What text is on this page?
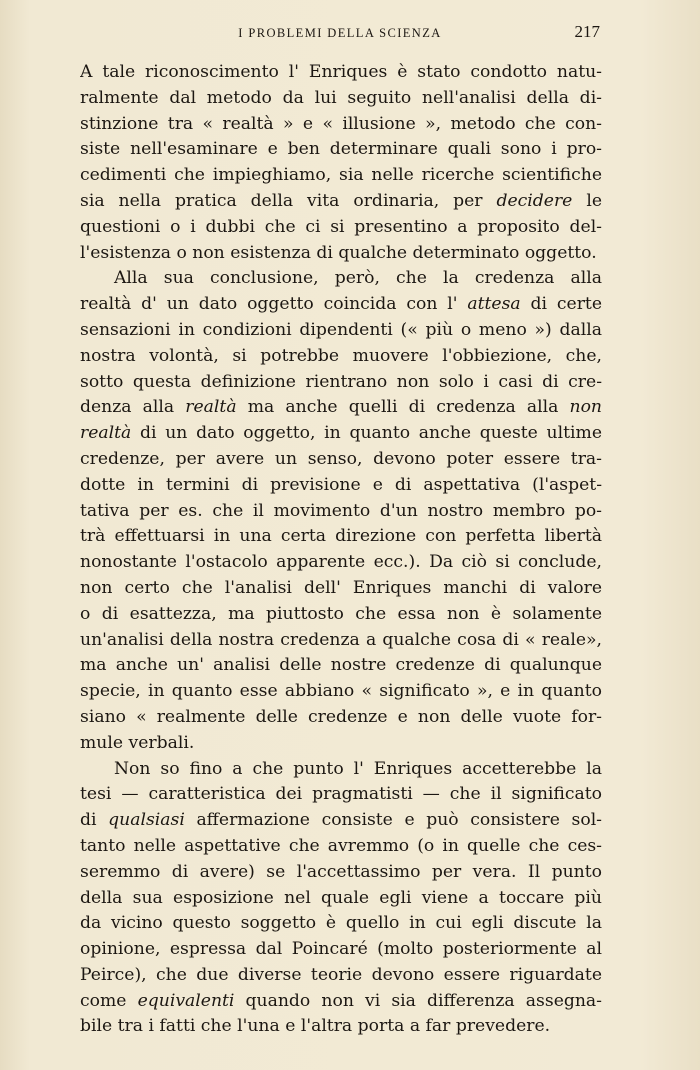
I PROBLEMI DELLA SCIENZA	217
A tale riconoscimento l' Enriques è stato condotto natu-
ralmente dal metodo da lui seguito nell'analisi della di-
stinzione tra « realtà » e « illusione », metodo che con-
siste nell'esaminare e ben determinare quali sono i pro-
cedimenti che impieghiamo, sia nelle ricerche scientifiche
sia nella pratica della vita ordinaria, per decidere le
questioni o i dubbi che ci si presentino a proposito del-
l'esistenza o non esistenza di qualche determinato oggetto.
Alla sua conclusione, però, che la credenza alla
realtà d' un dato oggetto coincida con l' attesa di certe
sensazioni in condizioni dipendenti (« più o meno ») dalla
nostra volontà, si potrebbe muovere l'obbiezione, che,
sotto questa definizione rientrano non solo i casi di cre-
denza alla realtà ma anche quelli di credenza alla non
realtà di un dato oggetto, in quanto anche queste ultime
credenze, per avere un senso, devono poter essere tra-
dotte in termini di previsione e di aspettativa (l'aspet-
tativa per es. che il movimento d'un nostro membro po-
trà effettuarsi in una certa direzione con perfetta libertà
nonostante l'ostacolo apparente ecc.). Da ciò si conclude,
non certo che l'analisi dell' Enriques manchi di valore
o di esattezza, ma piuttosto che essa non è solamente
un'analisi della nostra credenza a qualche cosa di « reale»,
ma anche un' analisi delle nostre credenze di qualunque
specie, in quanto esse abbiano « significato », e in quanto
siano « realmente delle credenze e non delle vuote for-
mule verbali.
Non so fino a che punto l' Enriques accetterebbe la
tesi — caratteristica dei pragmatisti — che il significato
di qualsiasi affermazione consiste e può consistere sol-
tanto nelle aspettative che avremmo (o in quelle che ces-
seremmo di avere) se l'accettassimo per vera. Il punto
della sua esposizione nel quale egli viene a toccare più
da vicino questo soggetto è quello in cui egli discute la
opinione, espressa dal Poincaré (molto posteriormente al
Peirce), che due diverse teorie devono essere riguardate
come equivalenti quando non vi sia differenza assegna-
bile tra i fatti che l'una e l'altra porta a far prevedere.
